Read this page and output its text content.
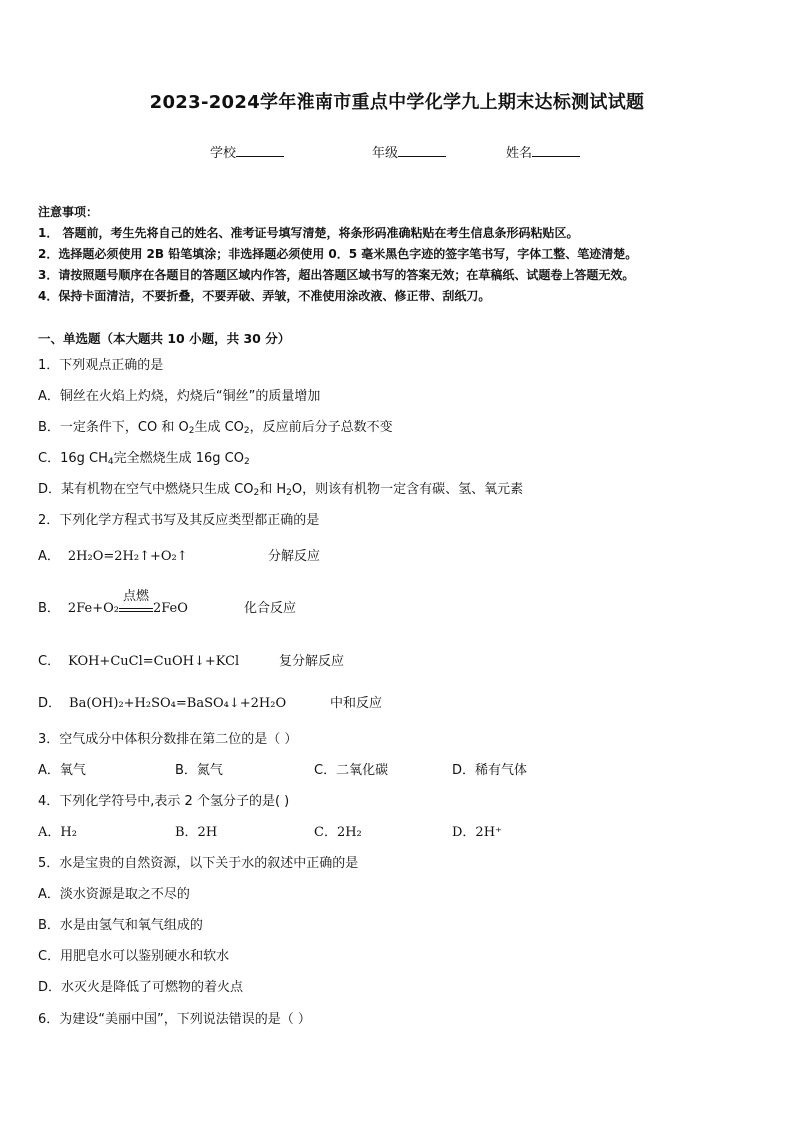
2023-2024学年淮南市重点中学化学九上期末达标测试试题
学校	年级	姓名
注意事项：
1． 答题前，考生先将自己的姓名、准考证号填写清楚，将条形码准确粘贴在考生信息条形码粘贴区。
2．选择题必须使用 2B 铅笔填涂；非选择题必须使用 0．5 毫米黑色字迹的签字笔书写，字体工整、笔迹清楚。
3．请按照题号顺序在各题目的答题区域内作答，超出答题区域书写的答案无效；在草稿纸、试题卷上答题无效。
4．保持卡面清洁，不要折叠，不要弄破、弄皱，不准使用涂改液、修正带、刮纸刀。
一、单选题（本大题共 10 小题，共 30 分）
1．下列观点正确的是
A．铜丝在火焰上灼烧，灼烧后“铜丝”的质量增加
B．一定条件下，CO 和 $O_2$生成 $CO_2$，反应前后分子总数不变
C．16g $CH_4$完全燃烧生成 16g $CO_2$
D．某有机物在空气中燃烧只生成 $CO_2$和 $H_2O$，则该有机物一定含有碳、氢、氧元素
2．下列化学方程式书写及其反应类型都正确的是
A． 2H₂O=2H₂↑+O₂↑	分解反应
B． 2Fe+O₂
点燃
2FeO	化合反应
C． KOH+CuCl=CuOH↓+KCl	复分解反应
D． Ba(OH)₂+H₂SO₄=BaSO₄↓+2H₂O	中和反应
3．空气成分中体积分数排在第二位的是（ ）
A．氧气	B．氮气	C．二氧化碳	D．稀有气体
4．下列化学符号中,表示 2 个氢分子的是( )
A．H₂	B．2H	C．2H₂	D．2H⁺
5．水是宝贵的自然资源，以下关于水的叙述中正确的是
A．淡水资源是取之不尽的
B．水是由氢气和氧气组成的
C．用肥皂水可以鉴别硬水和软水
D．水灭火是降低了可燃物的着火点
6．为建设“美丽中国”，下列说法错误的是（ ）
